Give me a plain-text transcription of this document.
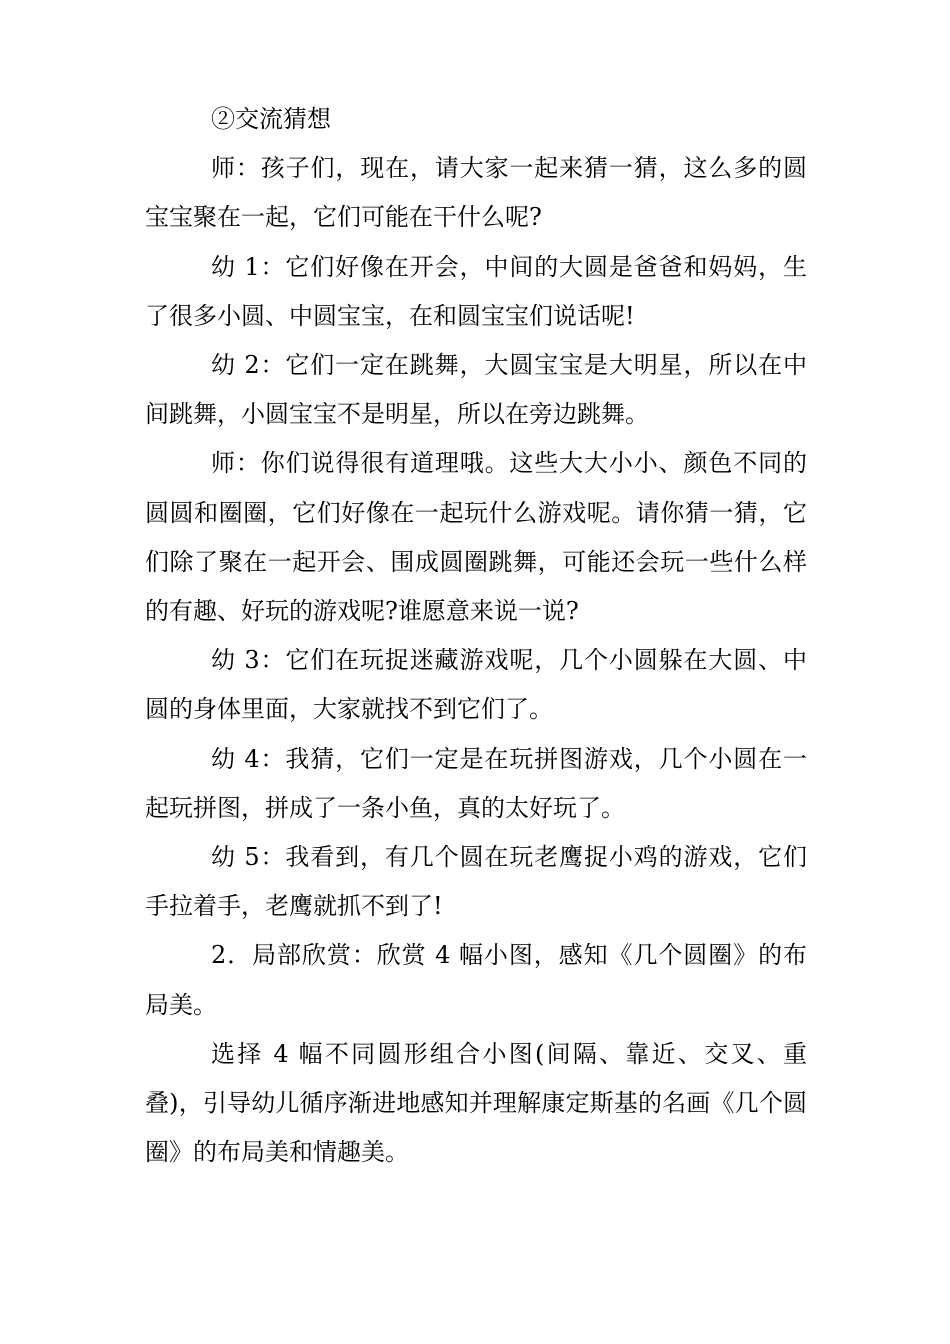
②交流猜想

师：孩子们，现在，请大家一起来猜一猜，这么多的圆宝宝聚在一起，它们可能在干什么呢?

幼 1：它们好像在开会，中间的大圆是爸爸和妈妈，生了很多小圆、中圆宝宝，在和圆宝宝们说话呢!

幼 2：它们一定在跳舞，大圆宝宝是大明星，所以在中间跳舞，小圆宝宝不是明星，所以在旁边跳舞。

师：你们说得很有道理哦。这些大大小小、颜色不同的圆圆和圈圈，它们好像在一起玩什么游戏呢。请你猜一猜，它们除了聚在一起开会、围成圆圈跳舞，可能还会玩一些什么样的有趣、好玩的游戏呢?谁愿意来说一说?

幼 3：它们在玩捉迷藏游戏呢，几个小圆躲在大圆、中圆的身体里面，大家就找不到它们了。

幼 4：我猜，它们一定是在玩拼图游戏，几个小圆在一起玩拼图，拼成了一条小鱼，真的太好玩了。

幼 5：我看到，有几个圆在玩老鹰捉小鸡的游戏，它们手拉着手，老鹰就抓不到了!

2．局部欣赏：欣赏 4 幅小图，感知《几个圆圈》的布局美。

选择 4 幅不同圆形组合小图(间隔、靠近、交叉、重叠)，引导幼儿循序渐进地感知并理解康定斯基的名画《几个圆圈》的布局美和情趣美。
